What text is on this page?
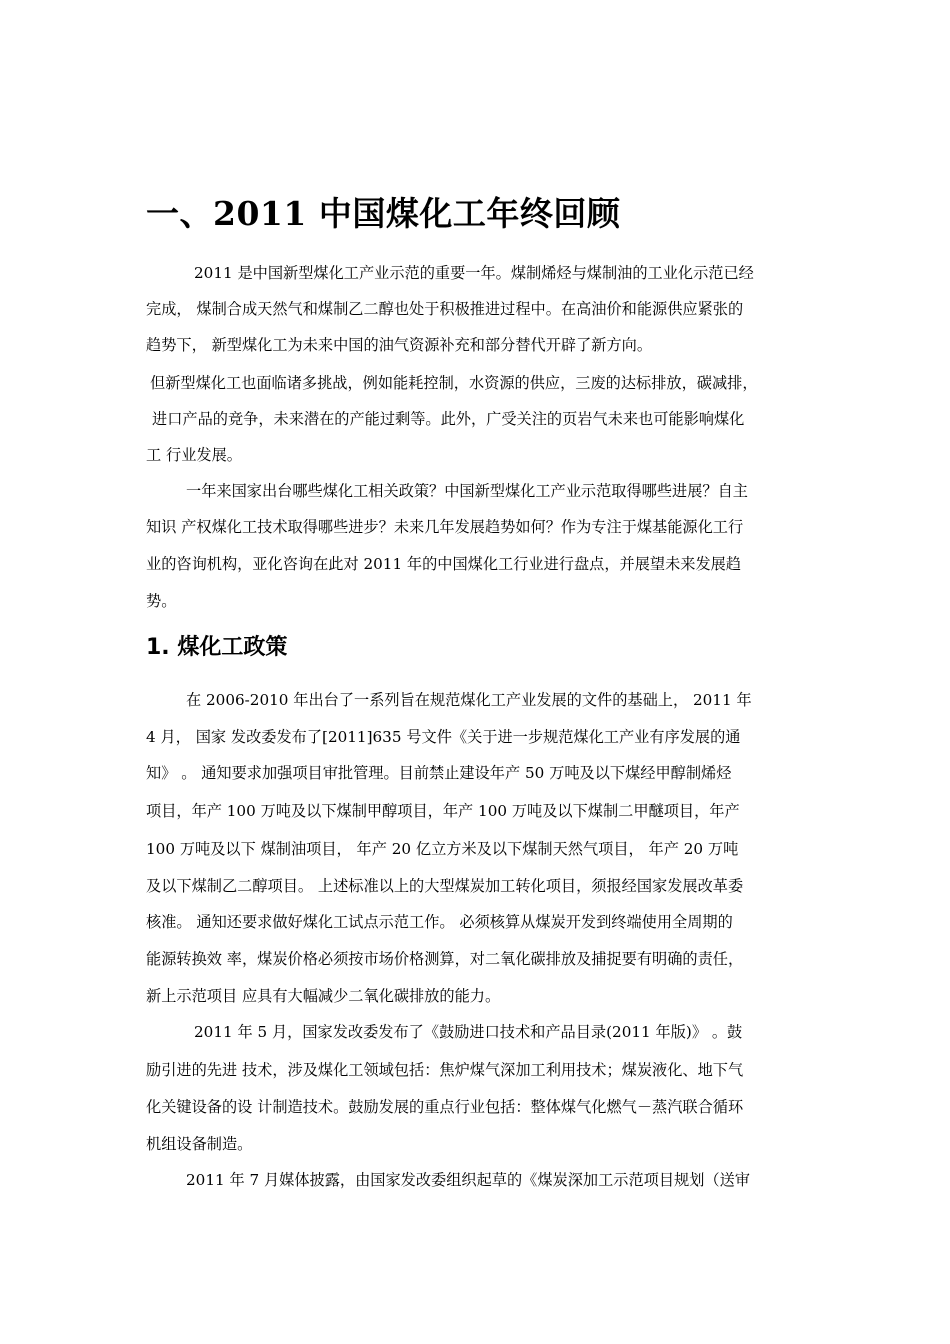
一、2011 中国煤化工年终回顾
2011 是中国新型煤化工产业示范的重要一年。煤制烯烃与煤制油的工业化示范已经
完成， 煤制合成天然气和煤制乙二醇也处于积极推进过程中。在高油价和能源供应紧张的
趋势下， 新型煤化工为未来中国的油气资源补充和部分替代开辟了新方向。
但新型煤化工也面临诸多挑战，例如能耗控制，水资源的供应，三废的达标排放，碳减排，
进口产品的竞争，未来潜在的产能过剩等。此外，广受关注的页岩气未来也可能影响煤化
工 行业发展。
一年来国家出台哪些煤化工相关政策？中国新型煤化工产业示范取得哪些进展？自主
知识 产权煤化工技术取得哪些进步？未来几年发展趋势如何？作为专注于煤基能源化工行
业的咨询机构，亚化咨询在此对 2011 年的中国煤化工行业进行盘点，并展望未来发展趋
势。
1. 煤化工政策
在 2006-2010 年出台了一系列旨在规范煤化工产业发展的文件的基础上， 2011 年
4 月， 国家 发改委发布了[2011]635 号文件《关于进一步规范煤化工产业有序发展的通
知》 。 通知要求加强项目审批管理。目前禁止建设年产 50 万吨及以下煤经甲醇制烯烃
项目，年产 100 万吨及以下煤制甲醇项目，年产 100 万吨及以下煤制二甲醚项目，年产
100 万吨及以下 煤制油项目， 年产 20 亿立方米及以下煤制天然气项目， 年产 20 万吨
及以下煤制乙二醇项目。 上述标准以上的大型煤炭加工转化项目，须报经国家发展改革委
核准。 通知还要求做好煤化工试点示范工作。 必须核算从煤炭开发到终端使用全周期的
能源转换效 率，煤炭价格必须按市场价格测算，对二氧化碳排放及捕捉要有明确的责任，
新上示范项目 应具有大幅减少二氧化碳排放的能力。
2011 年 5 月，国家发改委发布了《鼓励进口技术和产品目录(2011 年版)》 。鼓
励引进的先进 技术，涉及煤化工领域包括：焦炉煤气深加工利用技术；煤炭液化、地下气
化关键设备的设 计制造技术。鼓励发展的重点行业包括：整体煤气化燃气－蒸汽联合循环
机组设备制造。
2011 年 7 月媒体披露，由国家发改委组织起草的《煤炭深加工示范项目规划（送审
